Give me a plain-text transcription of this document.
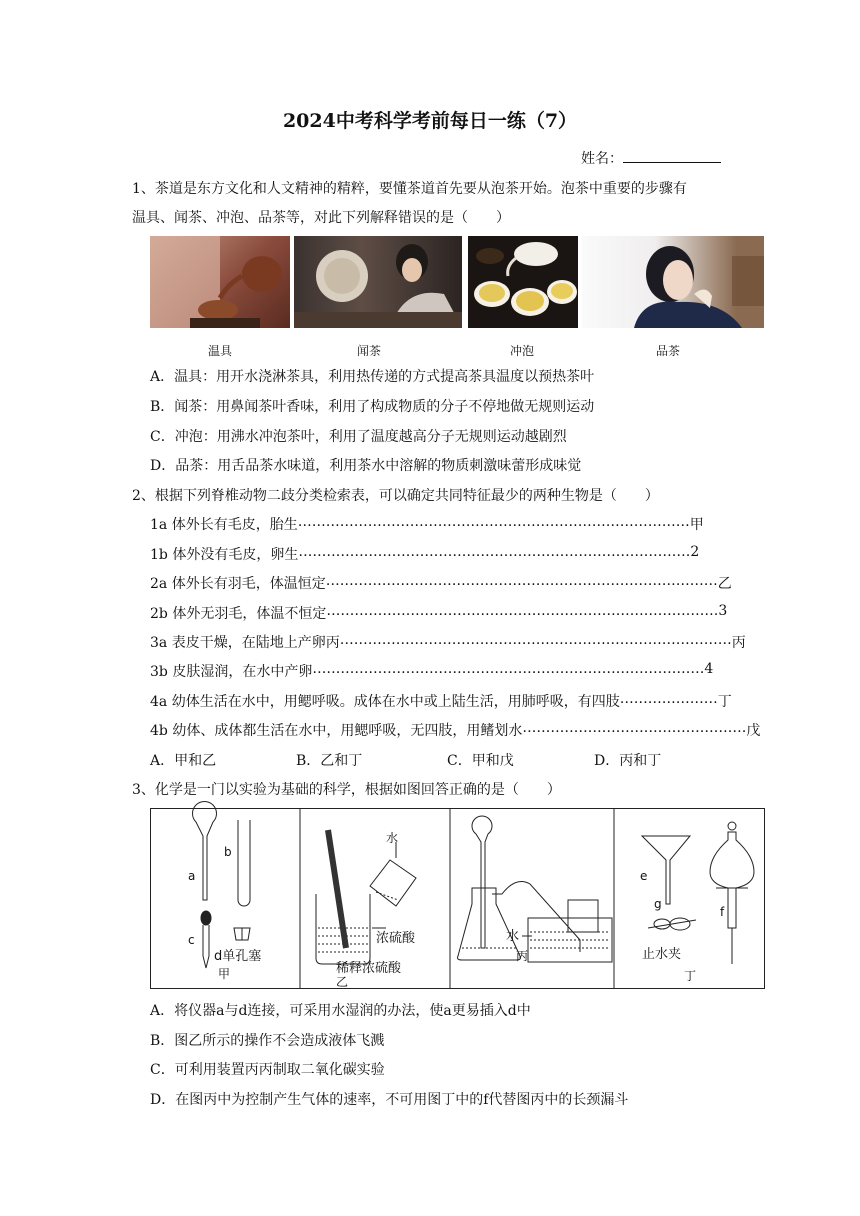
2024中考科学考前每日一练（7）
姓名：
1、茶道是东方文化和人文精神的精粹，要懂茶道首先要从泡茶开始。泡茶中重要的步骤有
温具、闻茶、冲泡、品茶等，对此下列解释错误的是（　　）
温具	闻茶	冲泡	品茶
A．温具：用开水浇淋茶具，利用热传递的方式提高茶具温度以预热茶叶
B．闻茶：用鼻闻茶叶香味，利用了构成物质的分子不停地做无规则运动
C．冲泡：用沸水冲泡茶叶，利用了温度越高分子无规则运动越剧烈
D．品茶：用舌品茶水味道，利用茶水中溶解的物质刺激味蕾形成味觉
2、根据下列脊椎动物二歧分类检索表，可以确定共同特征最少的两种生物是（　　）
1a 体外长有毛皮，胎生 ………………………………………………………………………… 甲
1b 体外没有毛皮，卵生 ………………………………………………………………………… 2
2a 体外长有羽毛，体温恒定 ………………………………………………………………………… 乙
2b 体外无羽毛，体温不恒定 ………………………………………………………………………… 3
3a 表皮干燥，在陆地上产卵丙 ………………………………………………………………………… 丙
3b 皮肤湿润，在水中产卵 ………………………………………………………………………… 4
4a 幼体生活在水中，用鳃呼吸。成体在水中或上陆生活，用肺呼吸，有四肢 ………………… 丁
4b 幼体、成体都生活在水中，用鳃呼吸，无四肢，用鳍划水 ………………………………………… 戊
A．甲和乙	B．乙和丁	C．甲和戊	D．丙和丁
3、化学是一门以实验为基础的科学，根据如图回答正确的是（　　）
a
b
c
d单孔塞
甲
水
浓硫酸
稀释浓硫酸
乙
水
丙
e
g
f
止水夹
丁
A．将仪器a与d连接，可采用水湿润的办法，使a更易插入d中
B．图乙所示的操作不会造成液体飞溅
C．可利用装置丙丙制取二氧化碳实验
D．在图丙中为控制产生气体的速率，不可用图丁中的f代替图丙中的长颈漏斗
